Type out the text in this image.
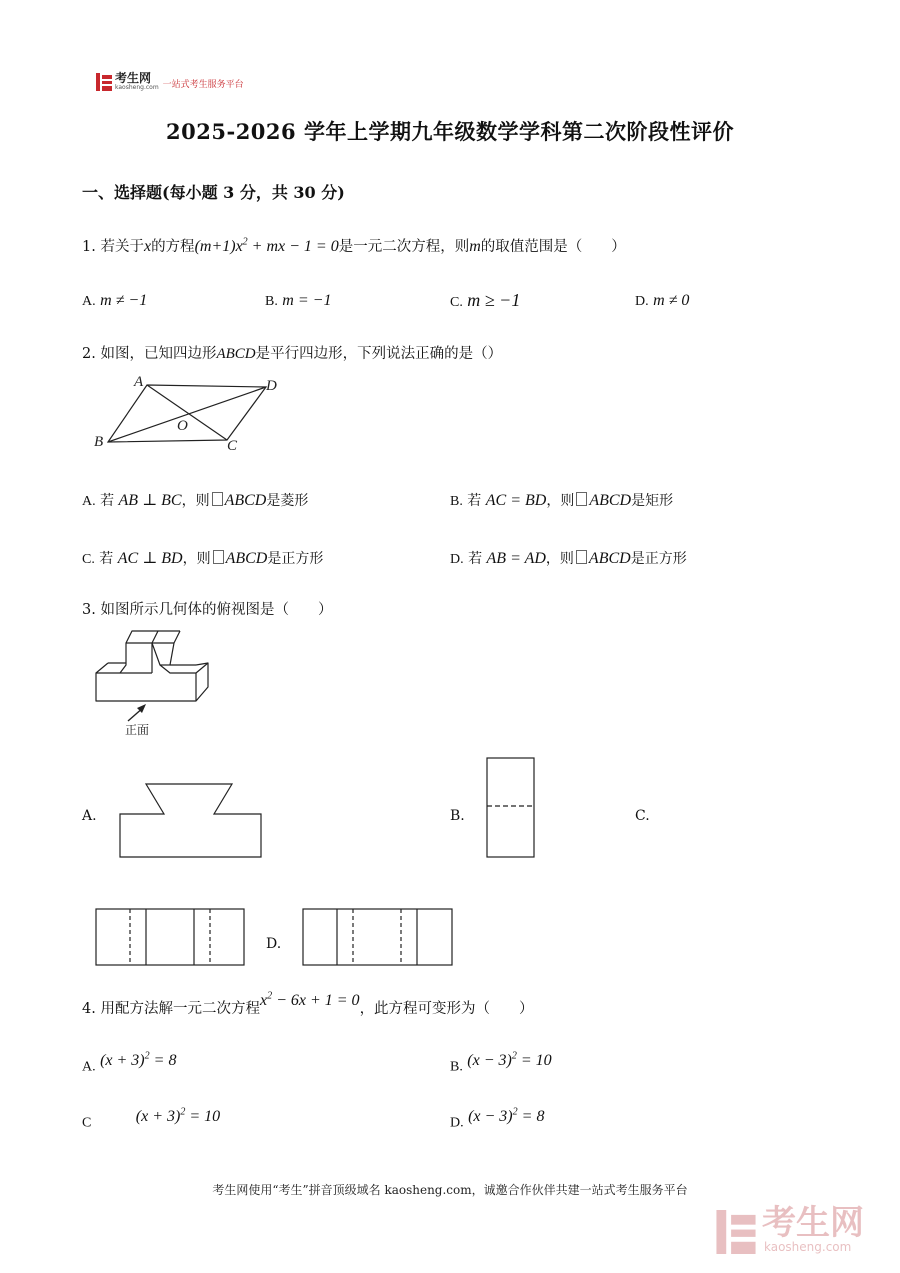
考生网
kaosheng.com 一站式考生服务平台
2025-2026 学年上学期九年级数学学科第二次阶段性评价
一、选择题(每小题 3 分，共 30 分)
1. 若关于x的方程$(m+1)x^2$ + mx − 1 = 0是一元二次方程，则m的取值范围是（　　）
A. m ≠ −1	B. m = −1	C. m ≥ −1	D. m ≠ 0
2. 如图，已知四边形ABCD是平行四边形，下列说法正确的是（）
A	D
B	C
O
A. 若 AB ⊥ BC，则 ABCD是菱形	B. 若 AC = BD，则 ABCD是矩形
C. 若 AC ⊥ BD，则 ABCD是正方形	D. 若 AB = AD，则 ABCD是正方形
3. 如图所示几何体的俯视图是（　　）
正面
A.	B.	C.
D.
4. 用配方法解一元二次方程$x^2 - 6x + 1 = 0$，此方程可变形为（　　）
A. $(x + 3)^2 = 8$	B. $(x - 3)^2 = 10$
C	$(x + 3)^2 = 10$	D. $(x - 3)^2 = 8$
考生网使用“考生”拼音顶级域名 kaosheng.com，诚邀合作伙伴共建一站式考生服务平台
考生网
kaosheng.com
